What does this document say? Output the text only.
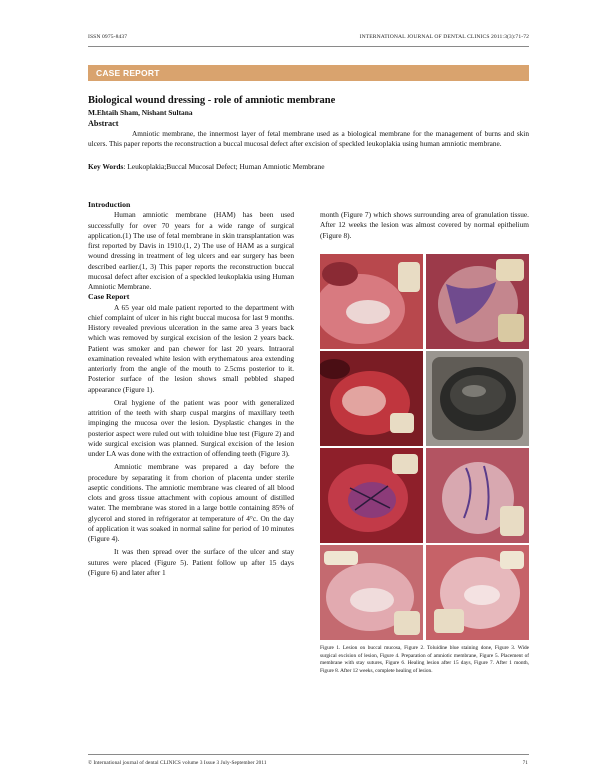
ISSN 0975-8437	INTERNATIONAL JOURNAL OF DENTAL CLINICS 2011:3(3):71-72
CASE REPORT
Biological wound dressing - role of amniotic membrane
M.Ehtaih Sham, Nishant Sultana
Abstract
Amniotic membrane, the innermost layer of fetal membrane used as a biological membrane for the management of burns and skin ulcers. This paper reports the reconstruction a buccal mucosal defect after excision of speckled leukoplakia using human amniotic membrane.
Key Words: Leukoplakia;Buccal Mucosal Defect; Human Amniotic Membrane
Introduction

Human amniotic membrane (HAM) has been used successfully for over 70 years for a wide range of surgical application.(1) The use of fetal membrane in skin transplantation was first reported by Davis in 1910.(1, 2) The use of HAM as a surgical wound dressing in treatment of leg ulcers and ear surgery has been described earlier.(1, 3) This paper reports the reconstruction buccal mucosal defect after excision of a speckled leukoplakia using Human Amniotic Membrane.

Case Report

A 65 year old male patient reported to the department with chief complaint of ulcer in his right buccal mucosa for last 9 months. History revealed previous ulceration in the same area 3 years back which was removed by surgical excision of the lesion 2 years back. Patient was smoker and pan chewer for last 20 years. Intraoral examination revealed white lesion with erythematous area extending anteriorly from the angle of the mouth to 2.5cms posterior to it. Posterior surface of the lesion shows small pebbled shaped appearance (Figure 1).

Oral hygiene of the patient was poor with generalized attrition of the teeth with sharp cuspal margins of maxillary teeth impinging the mucosa over the lesion. Dysplastic changes in the posterior aspect were ruled out with toluidine blue test (Figure 2) and wide surgical excision was planned. Surgical excision of the lesion under LA was done with the extraction of offending teeth (Figure 3).

Amniotic membrane was prepared a day before the procedure by separating it from chorion of placenta under sterile aseptic conditions. The amniotic membrane was cleared of all blood clots and gross tissue attachment with copious amount of distilled water. The membrane was stored in a large bottle containing 85% of glycerol and stored in refrigerator at temperature of 4°c. On the day of application it was soaked in normal saline for period of 10 minutes (Figure 4).

It was then spread over the surface of the ulcer and stay sutures were placed (Figure 5). Patient follow up after 15 days (Figure 6) and later after 1

month (Figure 7) which shows surrounding area of granulation tissue. After 12 weeks the lesion was almost covered by normal epithelium (Figure 8).

Figure 1. Lesion on buccal mucosa, Figure 2. Toluidine blue staining done, Figure 3. Wide surgical excision of lesion, Figure 4. Preparation of amniotic membrane, Figure 5. Placement of membrane with stay sutures, Figure 6. Healing lesion after 15 days, Figure 7. After 1 month, Figure 8. After 12 weeks, complete healing of lesion.
© International journal of dental CLINICS volume 3 Issue 3 July-September 2011	71
